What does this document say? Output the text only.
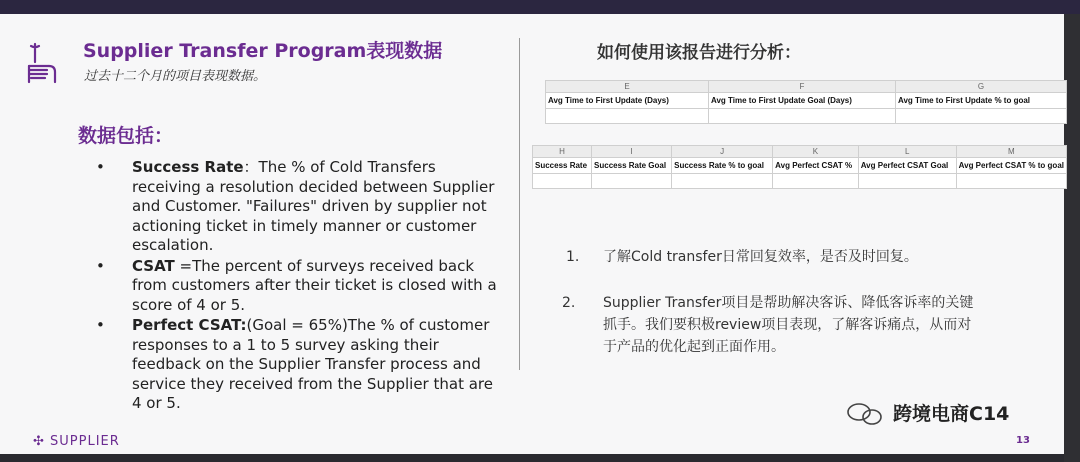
Supplier Transfer Program表现数据
过去十二个月的项目表现数据。
数据包括：
• Success Rate：The % of Cold Transfers receiving a resolution decided between Supplier and Customer. "Failures" driven by supplier not actioning ticket in timely manner or customer escalation.
• CSAT =The percent of surveys received back from customers after their ticket is closed with a score of 4 or 5.
• Perfect CSAT:(Goal = 65%)The % of customer responses to a 1 to 5 survey asking their feedback on the Supplier Transfer process and service they received from the Supplier that are 4 or 5.
如何使用该报告进行分析：
E	F	G
Avg Time to First Update (Days)	Avg Time to First Update Goal (Days)	Avg Time to First Update % to goal

H	I	J	K	L	M
Success Rate	Success Rate Goal	Success Rate % to goal	Avg Perfect CSAT %	Avg Perfect CSAT Goal	Avg Perfect CSAT % to goal

1. 了解Cold transfer日常回复效率，是否及时回复。
2. Supplier Transfer项目是帮助解决客诉、降低客诉率的关键
抓手。我们要积极review项目表现，了解客诉痛点，从而对
于产品的优化起到正面作用。
✣ SUPPLIER	13
跨境电商C14
